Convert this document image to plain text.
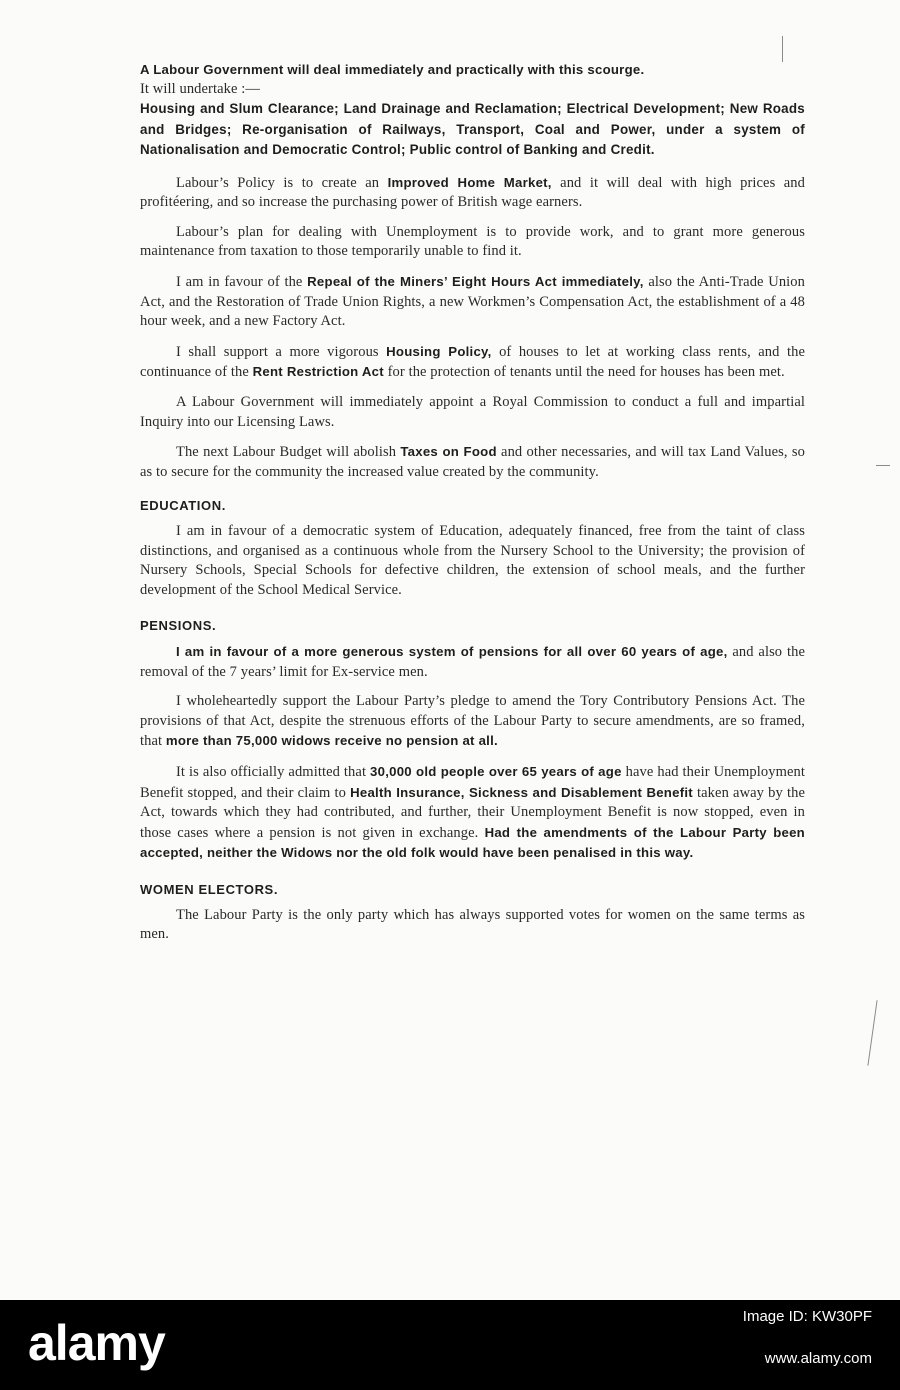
A Labour Government will deal immediately and practically with this scourge.

It will undertake :—

Housing and Slum Clearance; Land Drainage and Reclamation; Electrical Development; New Roads and Bridges; Re-organisation of Railways, Transport, Coal and Power, under a system of Nationalisation and Democratic Control; Public control of Banking and Credit.

Labour’s Policy is to create an Improved Home Market, and it will deal with high prices and profitéering, and so increase the purchasing power of British wage earners.

Labour’s plan for dealing with Unemployment is to provide work, and to grant more generous maintenance from taxation to those temporarily unable to find it.

I am in favour of the Repeal of the Miners’ Eight Hours Act immediately, also the Anti-Trade Union Act, and the Restoration of Trade Union Rights, a new Workmen’s Compensation Act, the establishment of a 48 hour week, and a new Factory Act.

I shall support a more vigorous Housing Policy, of houses to let at working class rents, and the continuance of the Rent Restriction Act for the protection of tenants until the need for houses has been met.

A Labour Government will immediately appoint a Royal Commission to conduct a full and impartial Inquiry into our Licensing Laws.

The next Labour Budget will abolish Taxes on Food and other necessaries, and will tax Land Values, so as to secure for the community the increased value created by the community.

EDUCATION.

I am in favour of a democratic system of Education, adequately financed, free from the taint of class distinctions, and organised as a continuous whole from the Nursery School to the University; the provision of Nursery Schools, Special Schools for defective children, the extension of school meals, and the further development of the School Medical Service.

PENSIONS.

I am in favour of a more generous system of pensions for all over 60 years of age, and also the removal of the 7 years’ limit for Ex-service men.

I wholeheartedly support the Labour Party’s pledge to amend the Tory Contributory Pensions Act. The provisions of that Act, despite the strenuous efforts of the Labour Party to secure amendments, are so framed, that more than 75,000 widows receive no pension at all.

It is also officially admitted that 30,000 old people over 65 years of age have had their Unemployment Benefit stopped, and their claim to Health Insurance, Sickness and Disablement Benefit taken away by the Act, towards which they had contributed, and further, their Unemployment Benefit is now stopped, even in those cases where a pension is not given in exchange. Had the amendments of the Labour Party been accepted, neither the Widows nor the old folk would have been penalised in this way.

WOMEN ELECTORS.

The Labour Party is the only party which has always supported votes for women on the same terms as men.

alamy	Image ID: KW30PF
www.alamy.com
